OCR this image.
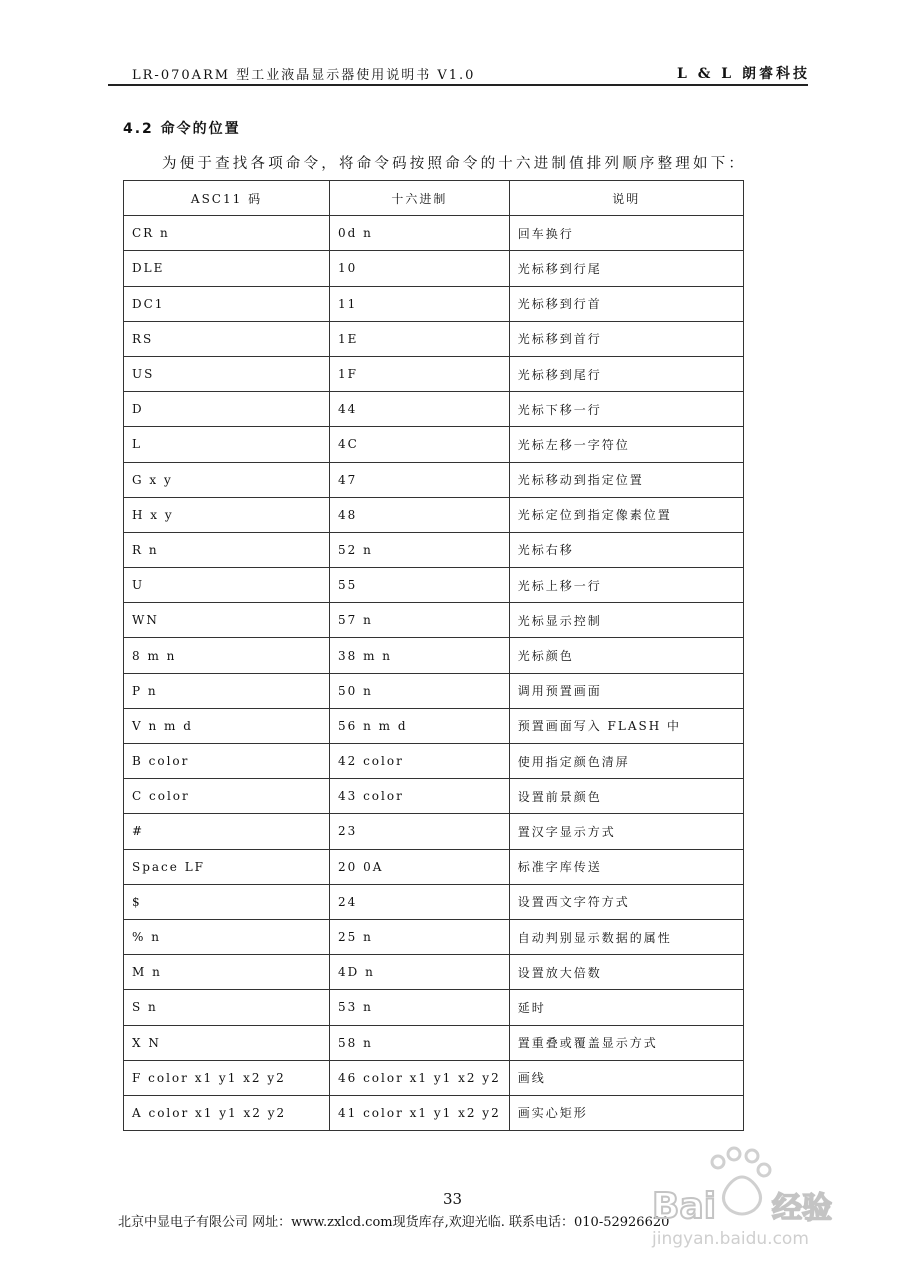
LR-070ARM 型工业液晶显示器使用说明书 V1.0	L & L 朗睿科技
4.2 命令的位置
为便于查找各项命令，将命令码按照命令的十六进制值排列顺序整理如下：
ASC11 码	十六进制	说明
CR n	0d n	回车换行
DLE	10	光标移到行尾
DC1	11	光标移到行首
RS	1E	光标移到首行
US	1F	光标移到尾行
D	44	光标下移一行
L	4C	光标左移一字符位
G x y	47	光标移动到指定位置
H x y	48	光标定位到指定像素位置
R n	52 n	光标右移
U	55	光标上移一行
WN	57 n	光标显示控制
8 m n	38 m n	光标颜色
P n	50 n	调用预置画面
V n m d	56 n m d	预置画面写入 FLASH 中
B color	42 color	使用指定颜色清屏
C color	43 color	设置前景颜色
#	23	置汉字显示方式
Space LF	20 0A	标准字库传送
$	24	设置西文字符方式
% n	25 n	自动判别显示数据的属性
M n	4D n	设置放大倍数
S n	53 n	延时
X N	58 n	置重叠或覆盖显示方式
F color x1 y1 x2 y2	46 color x1 y1 x2 y2	画线
A color x1 y1 x2 y2	41 color x1 y1 x2 y2	画实心矩形
33
北京中显电子有限公司 网址：www.zxlcd.com现货库存,欢迎光临. 联系电话：010-52926620
Bai 经验
jingyan.baidu.com
